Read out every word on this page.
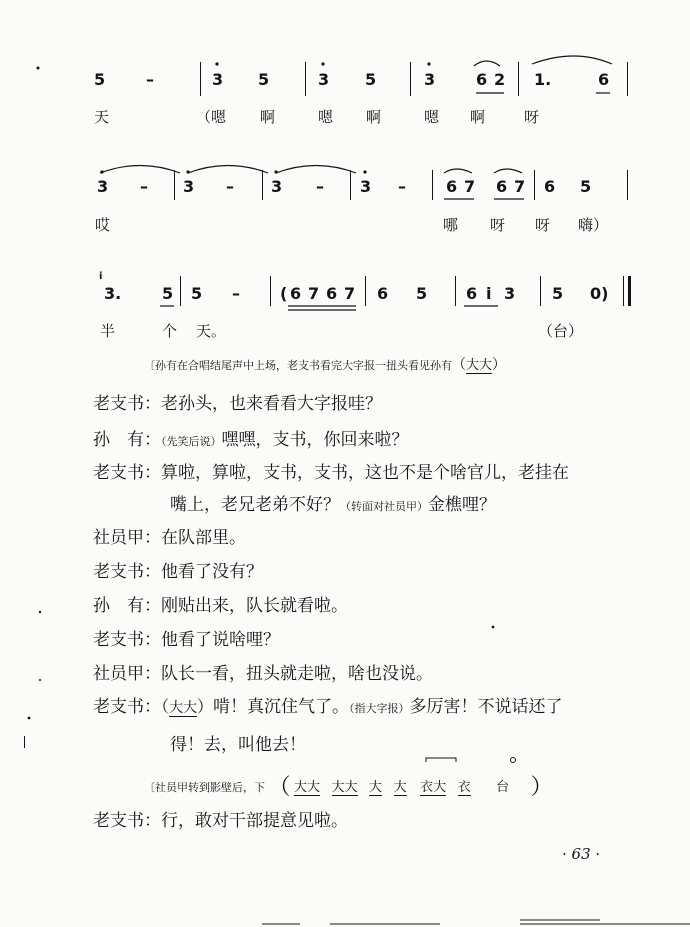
5	–	3 5	3 5	3	6 2 1.	6
天	（嗯 啊	嗯 啊	嗯 啊	呀
3 – 3 – 3 – 3 –	6 7 6 7 6 5
哎	哪 呀 呀 嗨）
i
3.	5 5 –	( 6 7 6 7 6 5 6 i 3 5 0)
半	个 天。	（台）
〔孙有在合唱结尾声中上场，老支书看完大字报一扭头看见孙有（大大）
老支书：老孙头，也来看看大字报哇？
孙　有：（先笑后说）嘿嘿，支书，你回来啦？
老支书：算啦，算啦，支书，支书，这也不是个啥官儿，老挂在
嘴上，老兄老弟不好？（转面对社员甲）金樵哩？
社员甲：在队部里。
老支书：他看了没有？
孙　有：刚贴出来，队长就看啦。
老支书：他看了说啥哩？
社员甲：队长一看，扭头就走啦，啥也没说。
老支书：（大大）啃！真沉住气了。（指大字报）多厉害！不说话还了
得！去，叫他去！
〔社员甲转到影壁后，下 （ 大大 大大 大 大 衣大 衣 台 ）
老支书：行，敢对干部提意见啦。
· 63 ·
